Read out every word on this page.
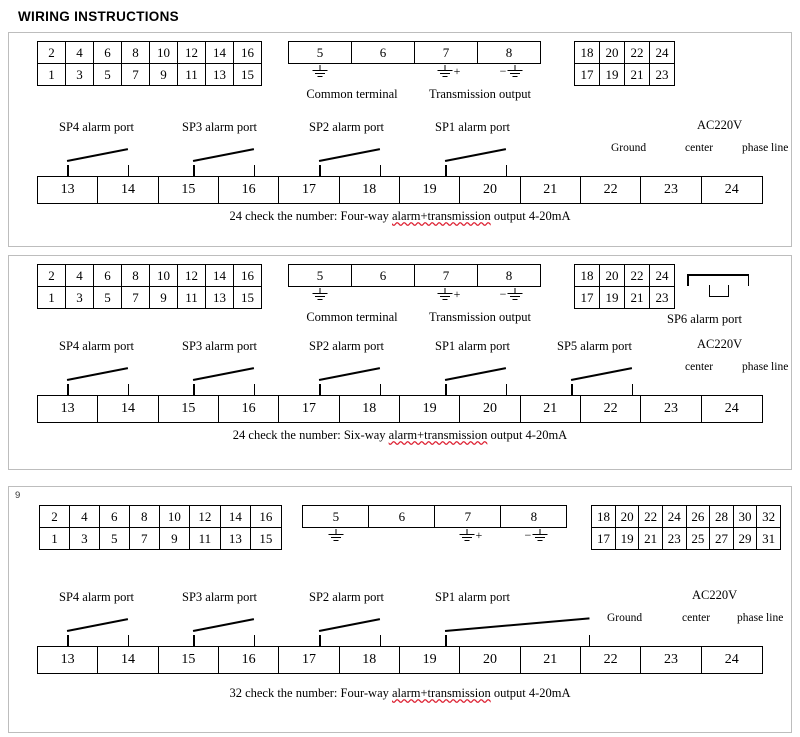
WIRING INSTRUCTIONS
2	4	6	8	10	12	14	16
1	3	5	7	9	11	13	15
5	6	7	8
+	−
Common terminal	Transmission output
18	20	22	24
17	19	21	23
SP4 alarm port	SP3 alarm port	SP2 alarm port	SP1 alarm port	AC220V
Ground	center	phase line
13	14	15	16	17	18	19	20	21	22	23	24
24 check the number: Four-way alarm+transmission output 4-20mA
2	4	6	8	10	12	14	16
1	3	5	7	9	11	13	15
5	6	7	8
+	−
Common terminal	Transmission output
18	20	22	24
17	19	21	23
SP6 alarm port
SP4 alarm port	SP3 alarm port	SP2 alarm port	SP1 alarm port	SP5 alarm port	AC220V
center	phase line
13	14	15	16	17	18	19	20	21	22	23	24
24 check the number: Six-way alarm+transmission output 4-20mA
9
2	4	6	8	10	12	14	16
1	3	5	7	9	11	13	15
5	6	7	8
+	−
18	20	22	24	26	28	30	32
17	19	21	23	25	27	29	31
SP4 alarm port	SP3 alarm port	SP2 alarm port	SP1 alarm port	AC220V
Ground	center phase line
13	14	15	16	17	18	19	20	21	22	23	24
32 check the number: Four-way alarm+transmission output 4-20mA
